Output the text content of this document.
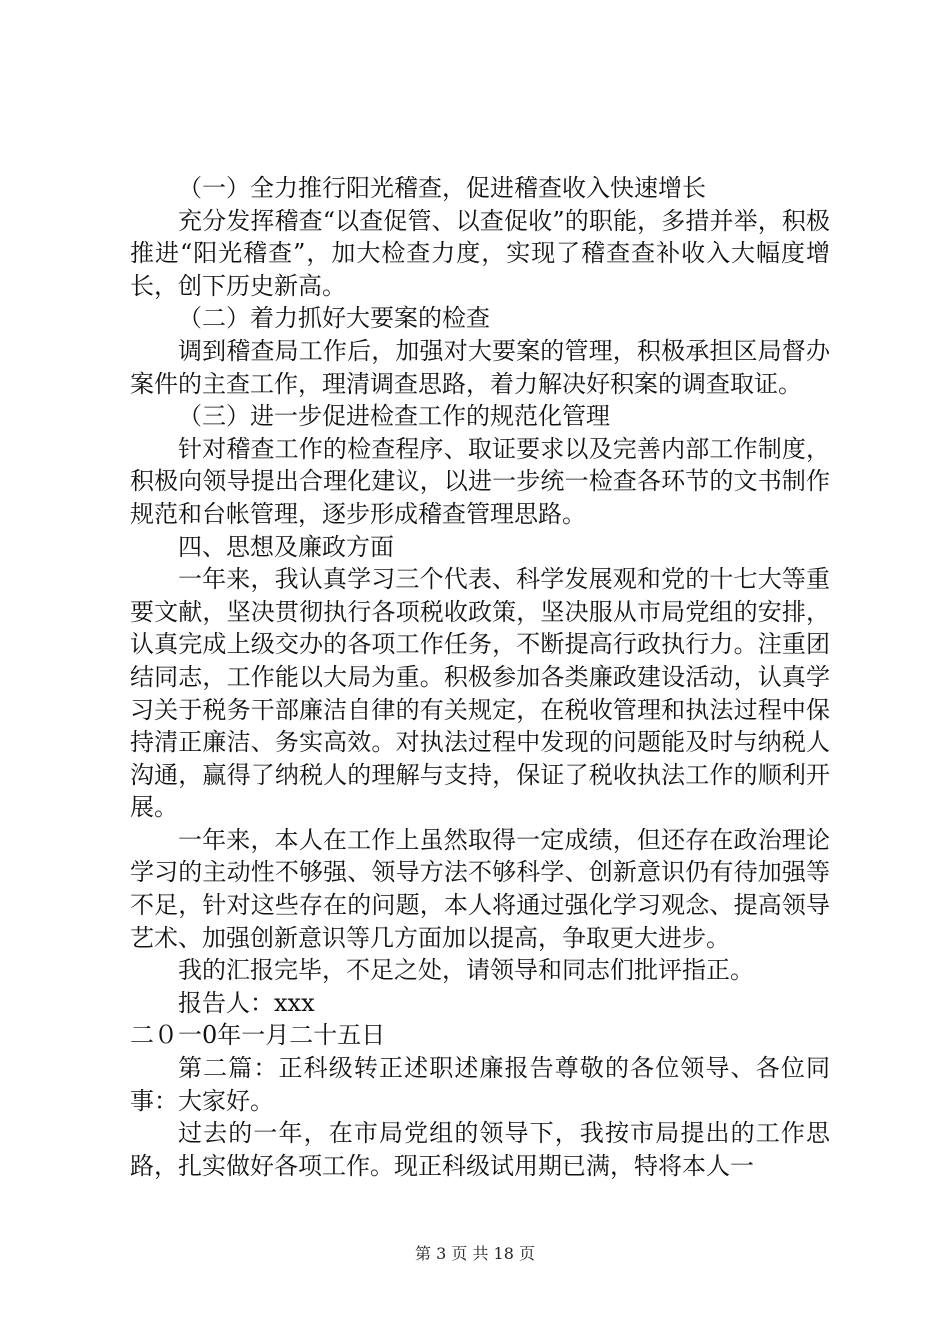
（一）全力推行阳光稽查，促进稽查收入快速增长

充分发挥稽查“以查促管、以查促收”的职能，多措并举，积极推进“阳光稽查”，加大检查力度，实现了稽查查补收入大幅度增长，创下历史新高。

（二）着力抓好大要案的检查

调到稽查局工作后，加强对大要案的管理，积极承担区局督办案件的主查工作，理清调查思路，着力解决好积案的调查取证。

（三）进一步促进检查工作的规范化管理

针对稽查工作的检查程序、取证要求以及完善内部工作制度，积极向领导提出合理化建议，以进一步统一检查各环节的文书制作规范和台帐管理，逐步形成稽查管理思路。

四、思想及廉政方面

一年来，我认真学习三个代表、科学发展观和党的十七大等重要文献，坚决贯彻执行各项税收政策，坚决服从市局党组的安排，认真完成上级交办的各项工作任务，不断提高行政执行力。注重团结同志，工作能以大局为重。积极参加各类廉政建设活动，认真学习关于税务干部廉洁自律的有关规定，在税收管理和执法过程中保持清正廉洁、务实高效。对执法过程中发现的问题能及时与纳税人沟通，赢得了纳税人的理解与支持，保证了税收执法工作的顺利开展。

一年来，本人在工作上虽然取得一定成绩，但还存在政治理论学习的主动性不够强、领导方法不够科学、创新意识仍有待加强等不足，针对这些存在的问题，本人将通过强化学习观念、提高领导艺术、加强创新意识等几方面加以提高，争取更大进步。

我的汇报完毕，不足之处，请领导和同志们批评指正。

报告人：xxx

二０一0年一月二十五日

第二篇：正科级转正述职述廉报告尊敬的各位领导、各位同事：大家好。

过去的一年，在市局党组的领导下，我按市局提出的工作思路，扎实做好各项工作。现正科级试用期已满，特将本人一

第 3 页 共 18 页
